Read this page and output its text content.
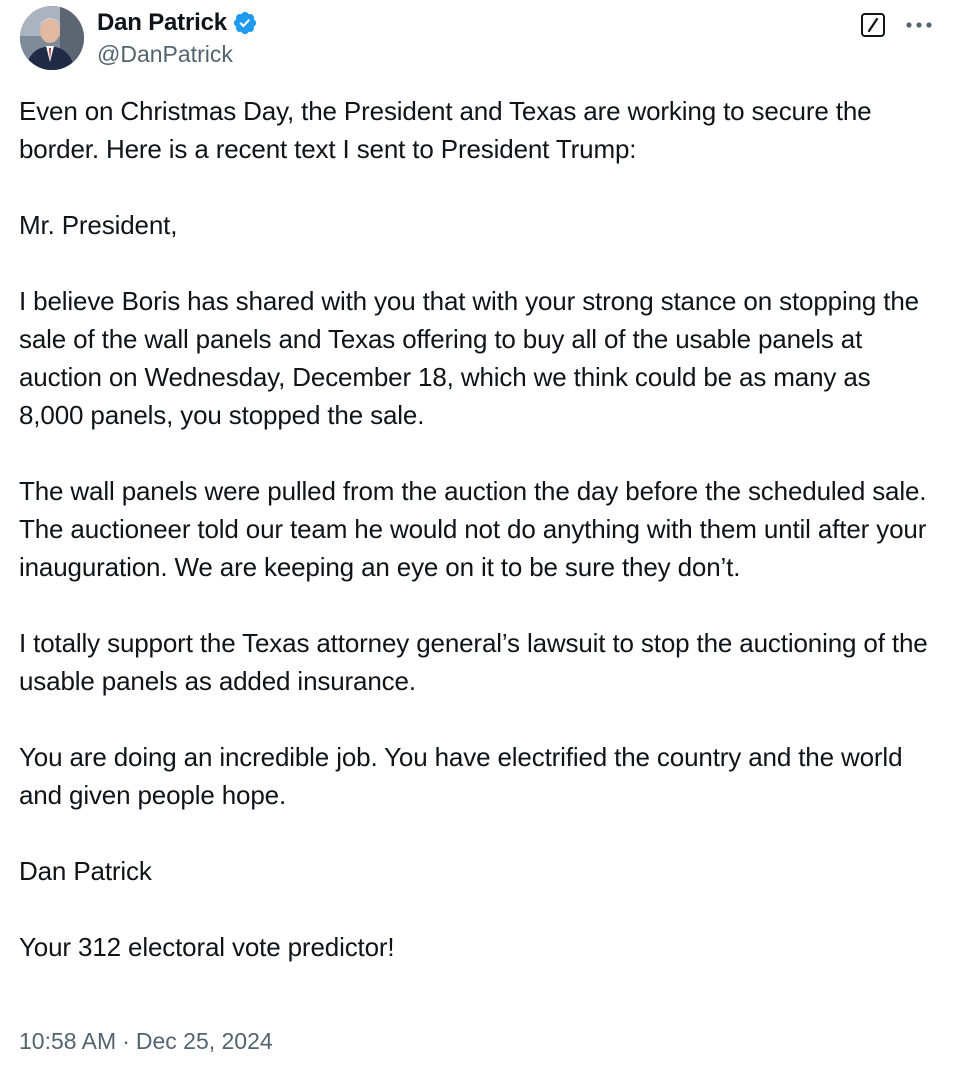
Dan Patrick
@DanPatrick

Even on Christmas Day, the President and Texas are working to secure the border. Here is a recent text I sent to President Trump:

Mr. President,

I believe Boris has shared with you that with your strong stance on stopping the sale of the wall panels and Texas offering to buy all of the usable panels at auction on Wednesday, December 18, which we think could be as many as 8,000 panels, you stopped the sale.

The wall panels were pulled from the auction the day before the scheduled sale. The auctioneer told our team he would not do anything with them until after your inauguration. We are keeping an eye on it to be sure they don’t.

I totally support the Texas attorney general’s lawsuit to stop the auctioning of the usable panels as added insurance.

You are doing an incredible job. You have electrified the country and the world and given people hope.

Dan Patrick

Your 312 electoral vote predictor!

10:58 AM · Dec 25, 2024
